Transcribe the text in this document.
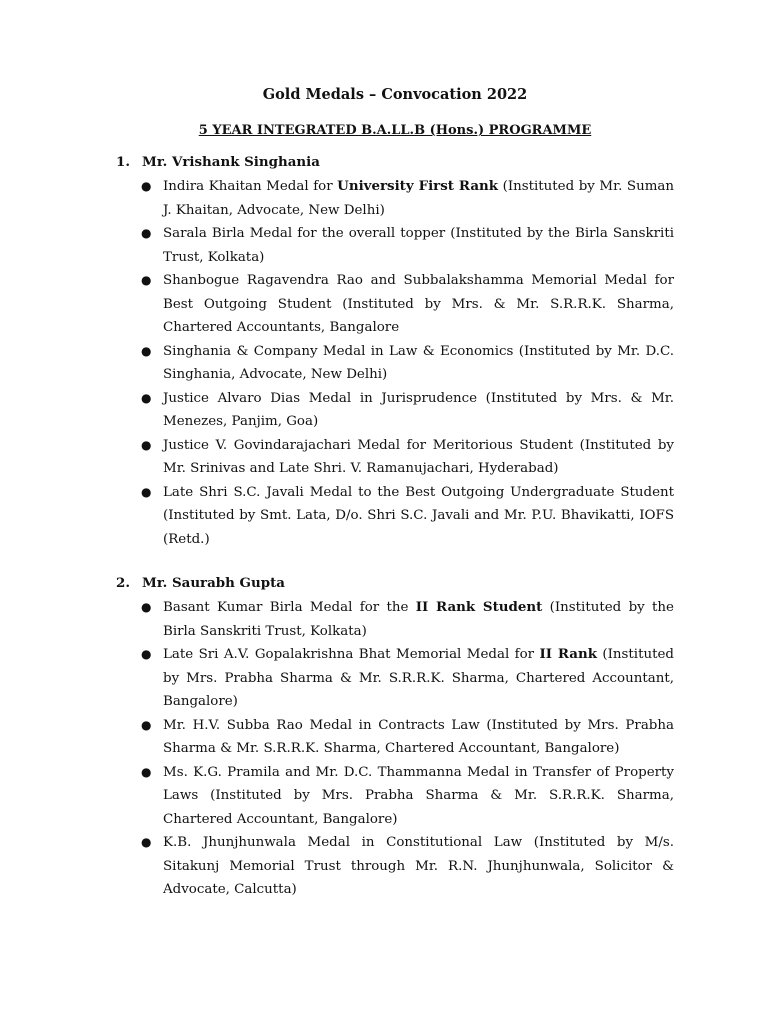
Gold Medals – Convocation 2022
5 YEAR INTEGRATED B.A.LL.B (Hons.) PROGRAMME
1. Mr. Vrishank Singhania
● Indira Khaitan Medal for University First Rank (Instituted by Mr. Suman J. Khaitan, Advocate, New Delhi)
● Sarala Birla Medal for the overall topper (Instituted by the Birla Sanskriti Trust, Kolkata)
● Shanbogue Ragavendra Rao and Subbalakshamma Memorial Medal for Best Outgoing Student (Instituted by Mrs. & Mr. S.R.R.K. Sharma, Chartered Accountants, Bangalore
● Singhania & Company Medal in Law & Economics (Instituted by Mr. D.C. Singhania, Advocate, New Delhi)
● Justice Alvaro Dias Medal in Jurisprudence (Instituted by Mrs. & Mr. Menezes, Panjim, Goa)
● Justice V. Govindarajachari Medal for Meritorious Student (Instituted by Mr. Srinivas and Late Shri. V. Ramanujachari, Hyderabad)
● Late Shri S.C. Javali Medal to the Best Outgoing Undergraduate Student (Instituted by Smt. Lata, D/o. Shri S.C. Javali and Mr. P.U. Bhavikatti, IOFS (Retd.)
2. Mr. Saurabh Gupta
● Basant Kumar Birla Medal for the II Rank Student (Instituted by the Birla Sanskriti Trust, Kolkata)
● Late Sri A.V. Gopalakrishna Bhat Memorial Medal for II Rank (Instituted by Mrs. Prabha Sharma & Mr. S.R.R.K. Sharma, Chartered Accountant, Bangalore)
● Mr. H.V. Subba Rao Medal in Contracts Law (Instituted by Mrs. Prabha Sharma & Mr. S.R.R.K. Sharma, Chartered Accountant, Bangalore)
● Ms. K.G. Pramila and Mr. D.C. Thammanna Medal in Transfer of Property Laws (Instituted by Mrs. Prabha Sharma & Mr. S.R.R.K. Sharma, Chartered Accountant, Bangalore)
● K.B. Jhunjhunwala Medal in Constitutional Law (Instituted by M/s. Sitakunj Memorial Trust through Mr. R.N. Jhunjhunwala, Solicitor & Advocate, Calcutta)
